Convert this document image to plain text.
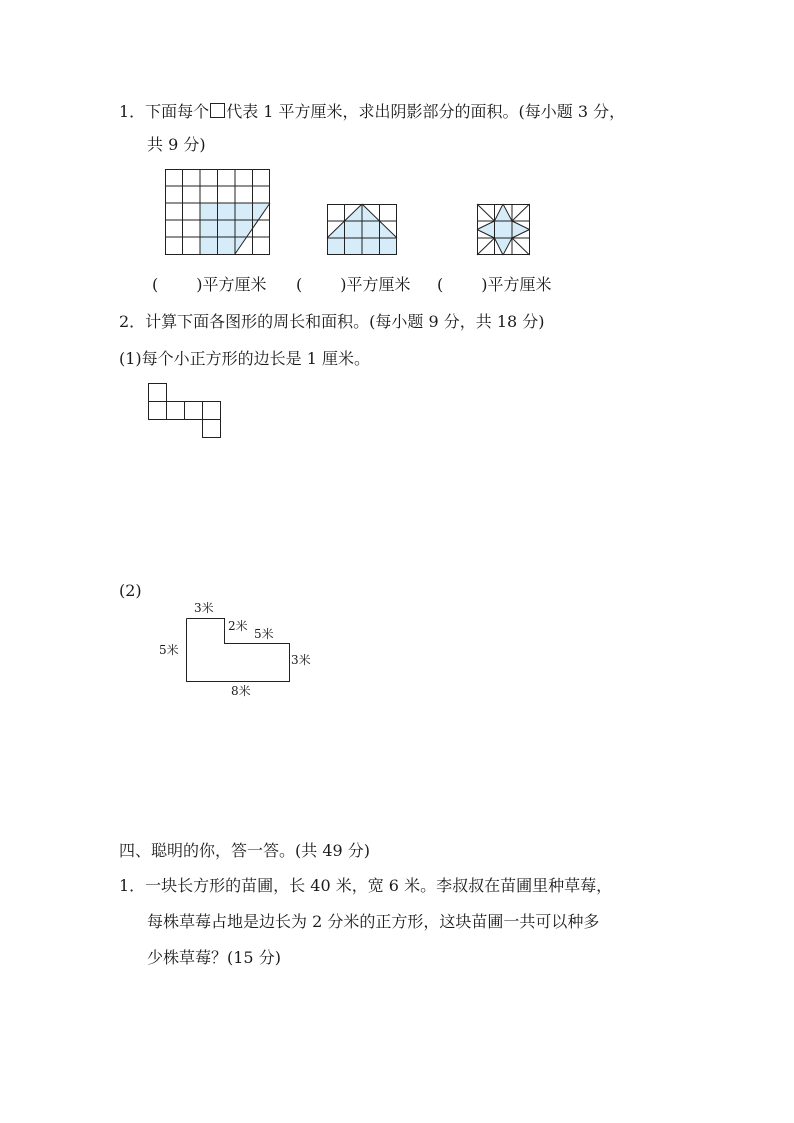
1．下面每个 代表 1 平方厘米，求出阴影部分的面积。(每小题 3 分，
共 9 分)
( )平方厘米 ( )平方厘米 ( )平方厘米
2．计算下面各图形的周长和面积。(每小题 9 分，共 18 分)
(1)每个小正方形的边长是 1 厘米。
(2)
3米
2米
5米
3米
5米
8米
四、聪明的你，答一答。(共 49 分)
1．一块长方形的苗圃，长 40 米，宽 6 米。李叔叔在苗圃里种草莓，
每株草莓占地是边长为 2 分米的正方形，这块苗圃一共可以种多
少株草莓？(15 分)
